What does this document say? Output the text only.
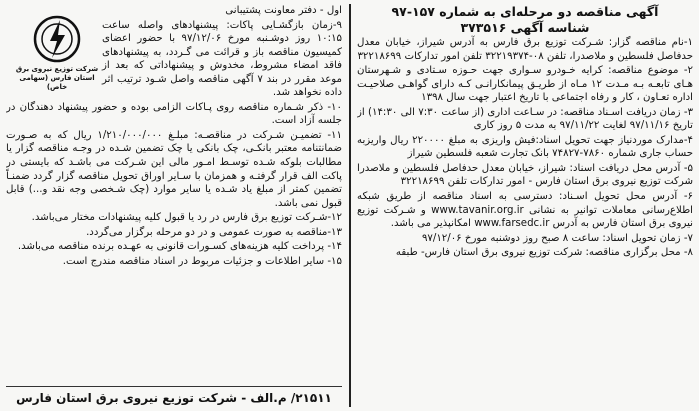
آگهی مناقصه دو مرحله‌ای به شماره ۱۵۷-۹۷

شناسه آگهی ۳۷۳۵۱۶

۱-نام مناقصه گزار: شـرکت توزیع برق فارس به آدرس شیراز، خیابان معدل حدفاصل فلسطین و ملاصدرا، تلفن ۰۸-۳۲۲۱۹۳۷۴ تلفن امور تداركات ۳۲۲۱۸۶۹۹

۲- موضوع مناقصه: کرایه خـودرو سـواری جهت حـوزه سـتادی و شـهرستان هـای تابعـه بـه مـدت ۱۲ مـاه از طریـق پیمانکارانـی کـه دارای گواهـی صلاحیـت اداره تعـاون ، کار و رفاه اجتماعی با تاریخ اعتبار جهت سال ۱۳۹۸

۳- زمان دریافت اسـناد مناقصه: در سـاعت اداری (از ساعت ۷:۳۰ الی ۱۴:۳۰) از تاریخ ۹۷/۱۱/۱۶ لغایت ۹۷/۱۱/۲۲ به مدت ۵ روز کاری

۴-مدارک موردنیاز جهت تحویل اسناد:فیش واریزی به مبلغ ۲۲۰۰۰۰ ریال واریزبه حساب جاری شماره ۷۸۶۰-۷۴۸۲۷ بانک تجارت شعبه فلسطین شیراز

۵- آدرس محل دریافت اسناد: شیراز، خیابان معدل حدفاصل فلسطین و ملاصدرا شرکت توزیع نیروی برق استان فارس - امور تداركات تلفن ۳۲۲۱۸۶۹۹

۶- آدرس محل تحویل اسـناد: دسترسی به اسناد مناقصه از طریق شبکه اطلاع‌رسانی معاملات توانیر به نشانی www.tavanir.org.ir و شـرکت توزیع نیروی برق استان فارس به آدرس www.farsedc.ir امکانپذیر می باشد.

۷- زمان تحویل اسناد: ساعت ۸ صبح روز دوشنبه مورخ ۹۷/۱۲/۰۶

۸- محل برگزاری مناقصه: شرکت توزیع نیروی برق استان فارس- طبقه

شرکت توزیع نیروی برق استان فارس (سهامی خاص)

اول - دفتر معاونت پشتیبانی

۹-زمان بازگشـایی پاکات: پیشنهادهای واصله ساعت ۱۰:۱۵ روز دوشـنبه مورخ ۹۷/۱۲/۰۶ با حضور اعضای کمیسیون مناقصه باز و قرائت می گـردد، به پیشنهادهای فاقد امضاء مشروط، مخدوش و پیشنهاداتی که بعد از موعد مقرر در بند ۷ آگهی مناقصه واصل شـود ترتیب اثر داده نخواهد شد.

۱۰- ذکر شـماره مناقصه روی پـاکات الزامی بوده و حضور پیشنهاد دهندگان در جلسه آزاد است.

۱۱- تضمیـن شـرکت در مناقصـه: مبلـغ ۱/۲۱۰/۰۰۰/۰۰۰ ریال که به صـورت ضمانتنامه معتبر بانکـی، چک بانکی یا چک تضمین شـده در وجـه مناقصه گزار یا مطالبات بلوکه شـده توسـط امـور مالی این شـرکت می باشـد که بایستی در پاکت الف قرار گرفتـه و همزمان با سـایر اوراق تحویل مناقصه گزار گردد ضمنـاً تضمین کمتر از مبلغ یاد شـده یا سایر موارد (چک شـخصی وجه نقد و...) قابل قبول نمی باشد.

۱۲-شـرکت توزیع برق فارس در رد یا قبول کلیه پیشنهادات مختار می‌باشد.

۱۳-مناقصه به صورت عمومی و در دو مرحله برگزار می‌گردد.

۱۴- پرداخت کلیه هزینه‌های کسـورات قانونی به عهـده برنده مناقصه می‌باشد.

۱۵- سایر اطلاعات و جزئیات مربوط در اسناد مناقصه مندرج است.

۲۱۵۱۱/ م.الف - شرکت توزیع نیروی برق استان فارس
